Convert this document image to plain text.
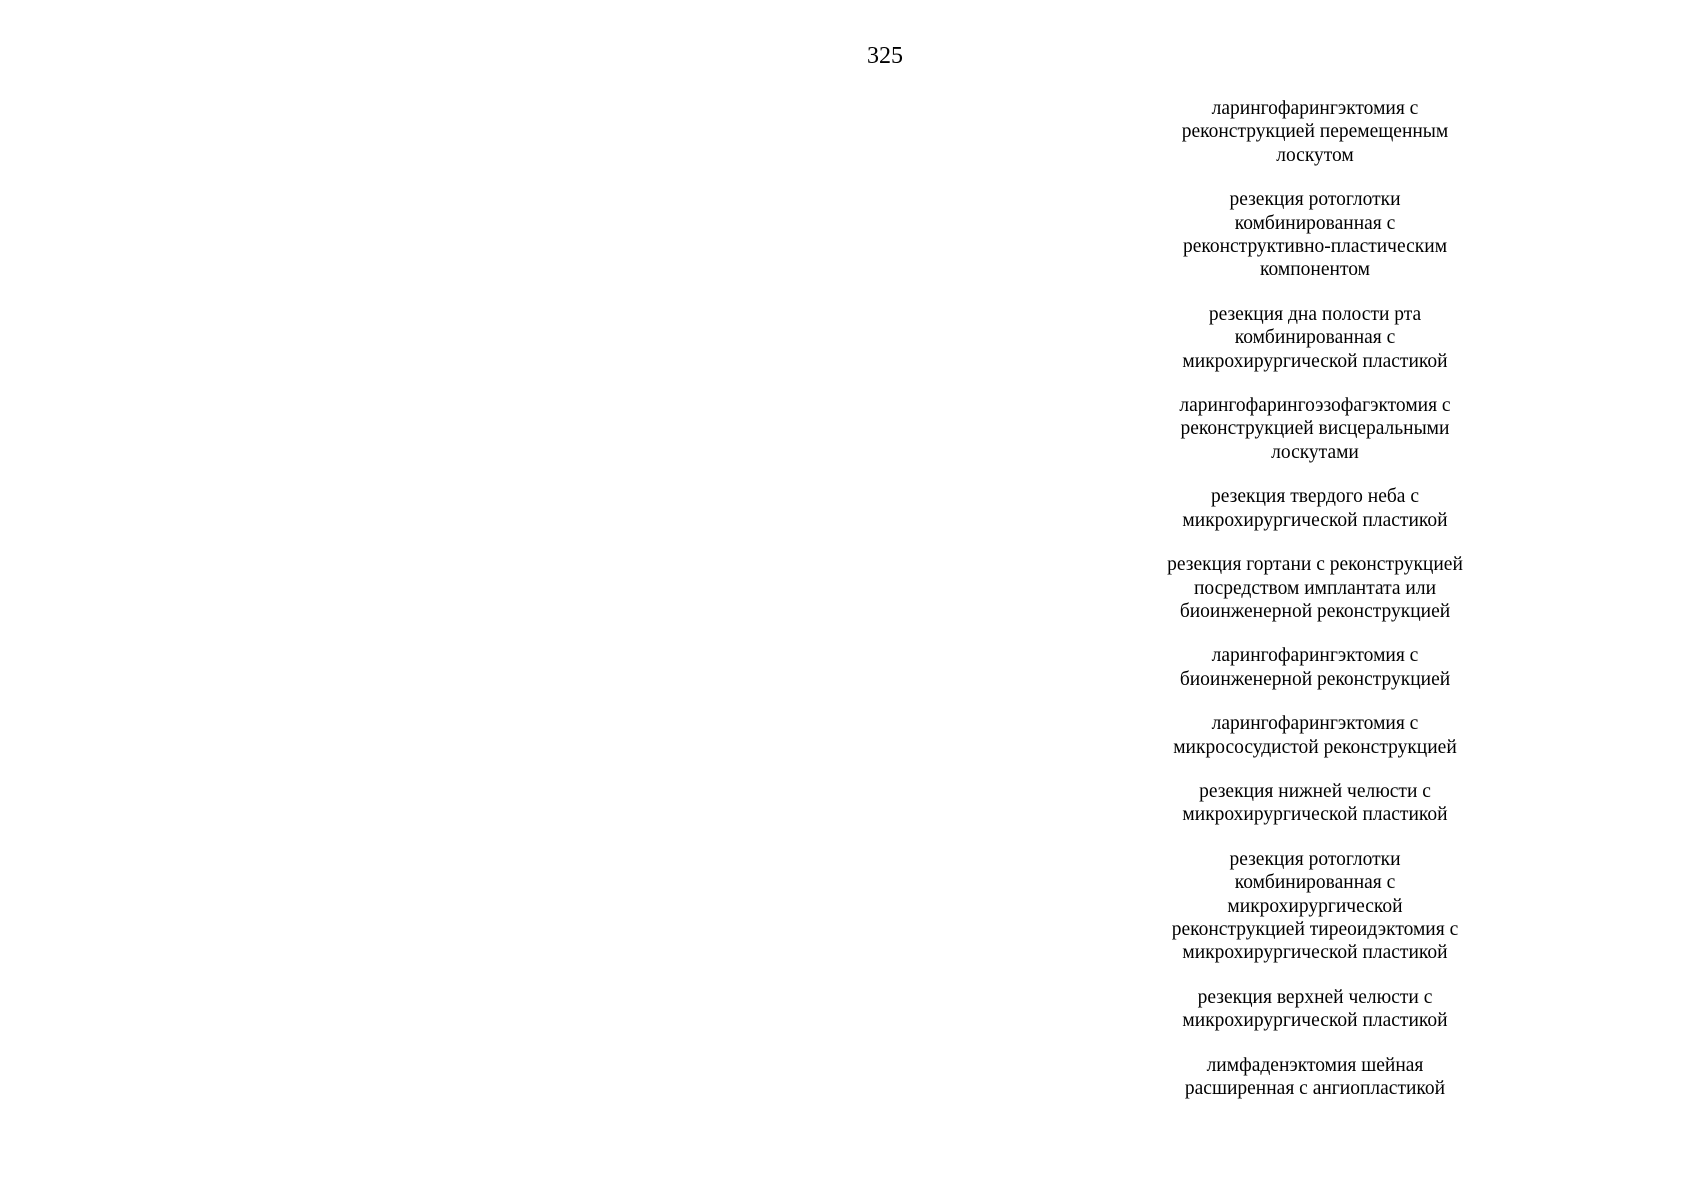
325
ларингофарингэктомия с
реконструкцией перемещенным
лоскутом
резекция ротоглотки
комбинированная с
реконструктивно-пластическим
компонентом
резекция дна полости рта
комбинированная с
микрохирургической пластикой
ларингофарингоэзофагэктомия с
реконструкцией висцеральными
лоскутами
резекция твердого неба с
микрохирургической пластикой
резекция гортани с реконструкцией
посредством имплантата или
биоинженерной реконструкцией
ларингофарингэктомия с
биоинженерной реконструкцией
ларингофарингэктомия с
микрососудистой реконструкцией
резекция нижней челюсти с
микрохирургической пластикой
резекция ротоглотки
комбинированная с
микрохирургической
реконструкцией тиреоидэктомия с
микрохирургической пластикой
резекция верхней челюсти с
микрохирургической пластикой
лимфаденэктомия шейная
расширенная с ангиопластикой
